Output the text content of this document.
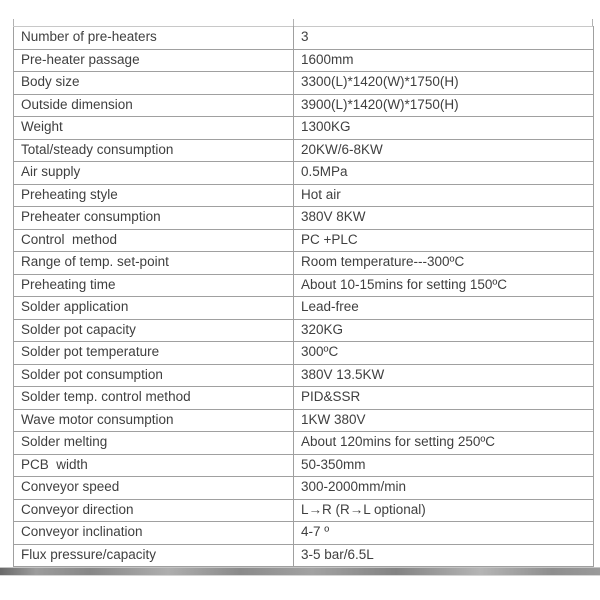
Number of pre-heaters	3
Pre-heater passage	1600mm
Body size	3300(L)*1420(W)*1750(H)
Outside dimension	3900(L)*1420(W)*1750(H)
Weight	1300KG
Total/steady consumption	20KW/6-8KW
Air supply	0.5MPa
Preheating style	Hot air
Preheater consumption	380V 8KW
Control  method	PC +PLC
Range of temp. set-point	Room temperature---300ºC
Preheating time	About 10-15mins for setting 150ºC
Solder application	Lead-free
Solder pot capacity	320KG
Solder pot temperature	300ºC
Solder pot consumption	380V 13.5KW
Solder temp. control method	PID&SSR
Wave motor consumption	1KW 380V
Solder melting	About 120mins for setting 250ºC
PCB  width	50-350mm
Conveyor speed	300-2000mm/min
Conveyor direction	L→R (R→L optional)
Conveyor inclination	4-7 º
Flux pressure/capacity	3-5 bar/6.5L
